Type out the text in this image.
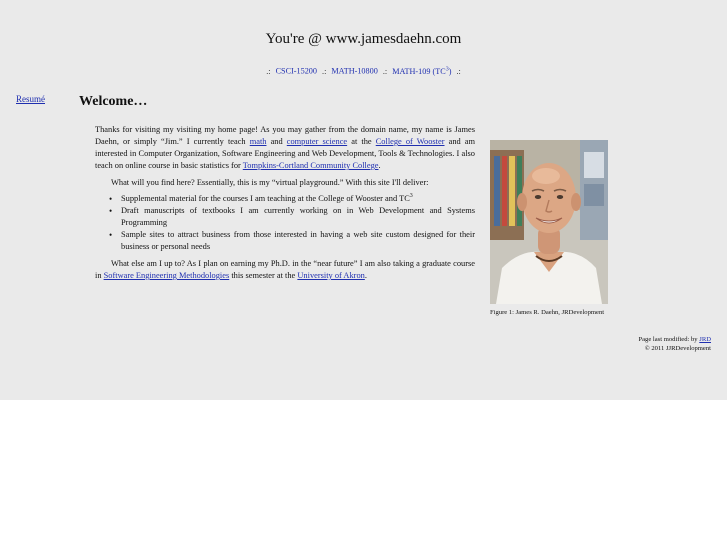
You're @ www.jamesdaehn.com
.: CSCI-15200 .: MATH-10800 .: MATH-109 (TC$^3$) .:
Resumé Welcome…

Thanks for visiting my visiting my home page! As you may gather from the domain name, my name is James Daehn, or simply “Jim.” I currently teach math and computer science at the College of Wooster and am interested in Computer Organization, Software Engineering and Web Development, Tools & Technologies. I also teach on online course in basic statistics for Tompkins-Cortland Community College.

What will you find here? Essentially, this is my “virtual playground.” With this site I'll deliver:

• Supplemental material for the courses I am teaching at the College of Wooster and $TC^3$
• Draft manuscripts of textbooks I am currently working on in Web Development and Systems Programming
• Sample sites to attract business from those interested in having a web site custom designed for their business or personal needs

What else am I up to? As I plan on earning my Ph.D. in the “near future” I am also taking a graduate course in Software Engineering Methodologies this semester at the University of Akron.

Figure 1: James R. Daehn, JRDevelopment
Page last modified: by JRD
© 2011 JJRDevelopment
